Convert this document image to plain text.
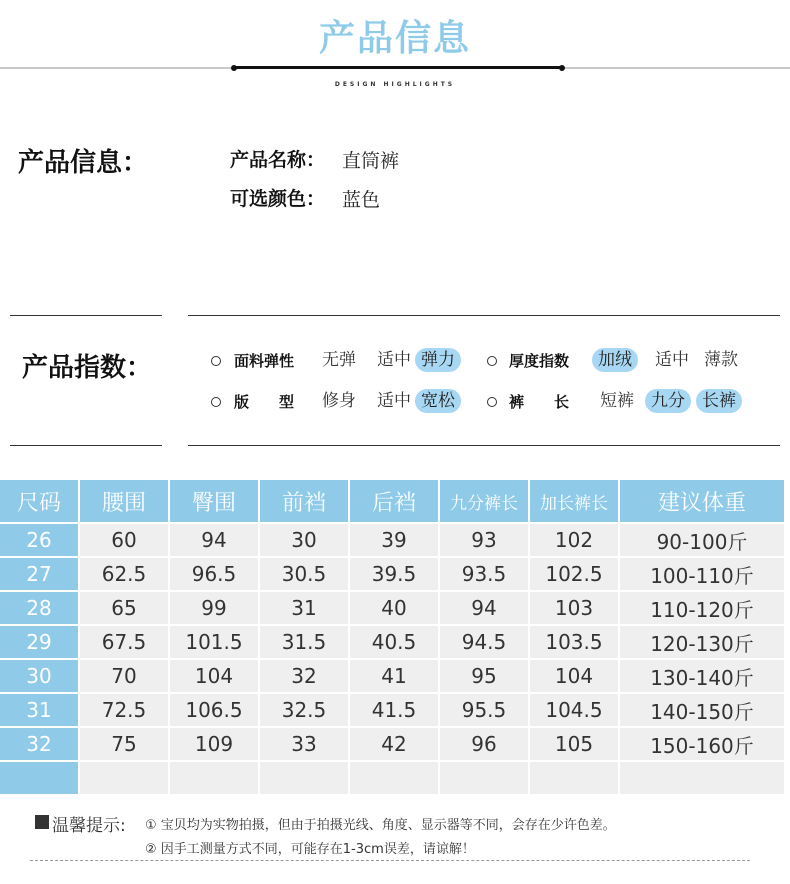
产品信息
DESIGN HIGHLIGHTS
产品信息：	产品名称： 直筒裤
可选颜色： 蓝色
产品指数：	面料弹性 无弹 适中 弹力	厚度指数	加绒	适中 薄款
版　　型 修身 适中 宽松	裤　　长 短裤	九分	长裤
尺码	腰围	臀围	前裆	后裆	九分裤长	加长裤长	建议体重
26	60	94	30	39	93	102	90-100斤
27	62.5	96.5	30.5	39.5	93.5	102.5	100-110斤
28	65	99	31	40	94	103	110-120斤
29	67.5	101.5	31.5	40.5	94.5	103.5	120-130斤
30	70	104	32	41	95	104	130-140斤
31	72.5	106.5	32.5	41.5	95.5	104.5	140-150斤
32	75	109	33	42	96	105	150-160斤

温馨提示: ① 宝贝均为实物拍摄，但由于拍摄光线、角度、显示器等不同，会存在少许色差。
② 因手工测量方式不同，可能存在1-3cm误差，请谅解！
